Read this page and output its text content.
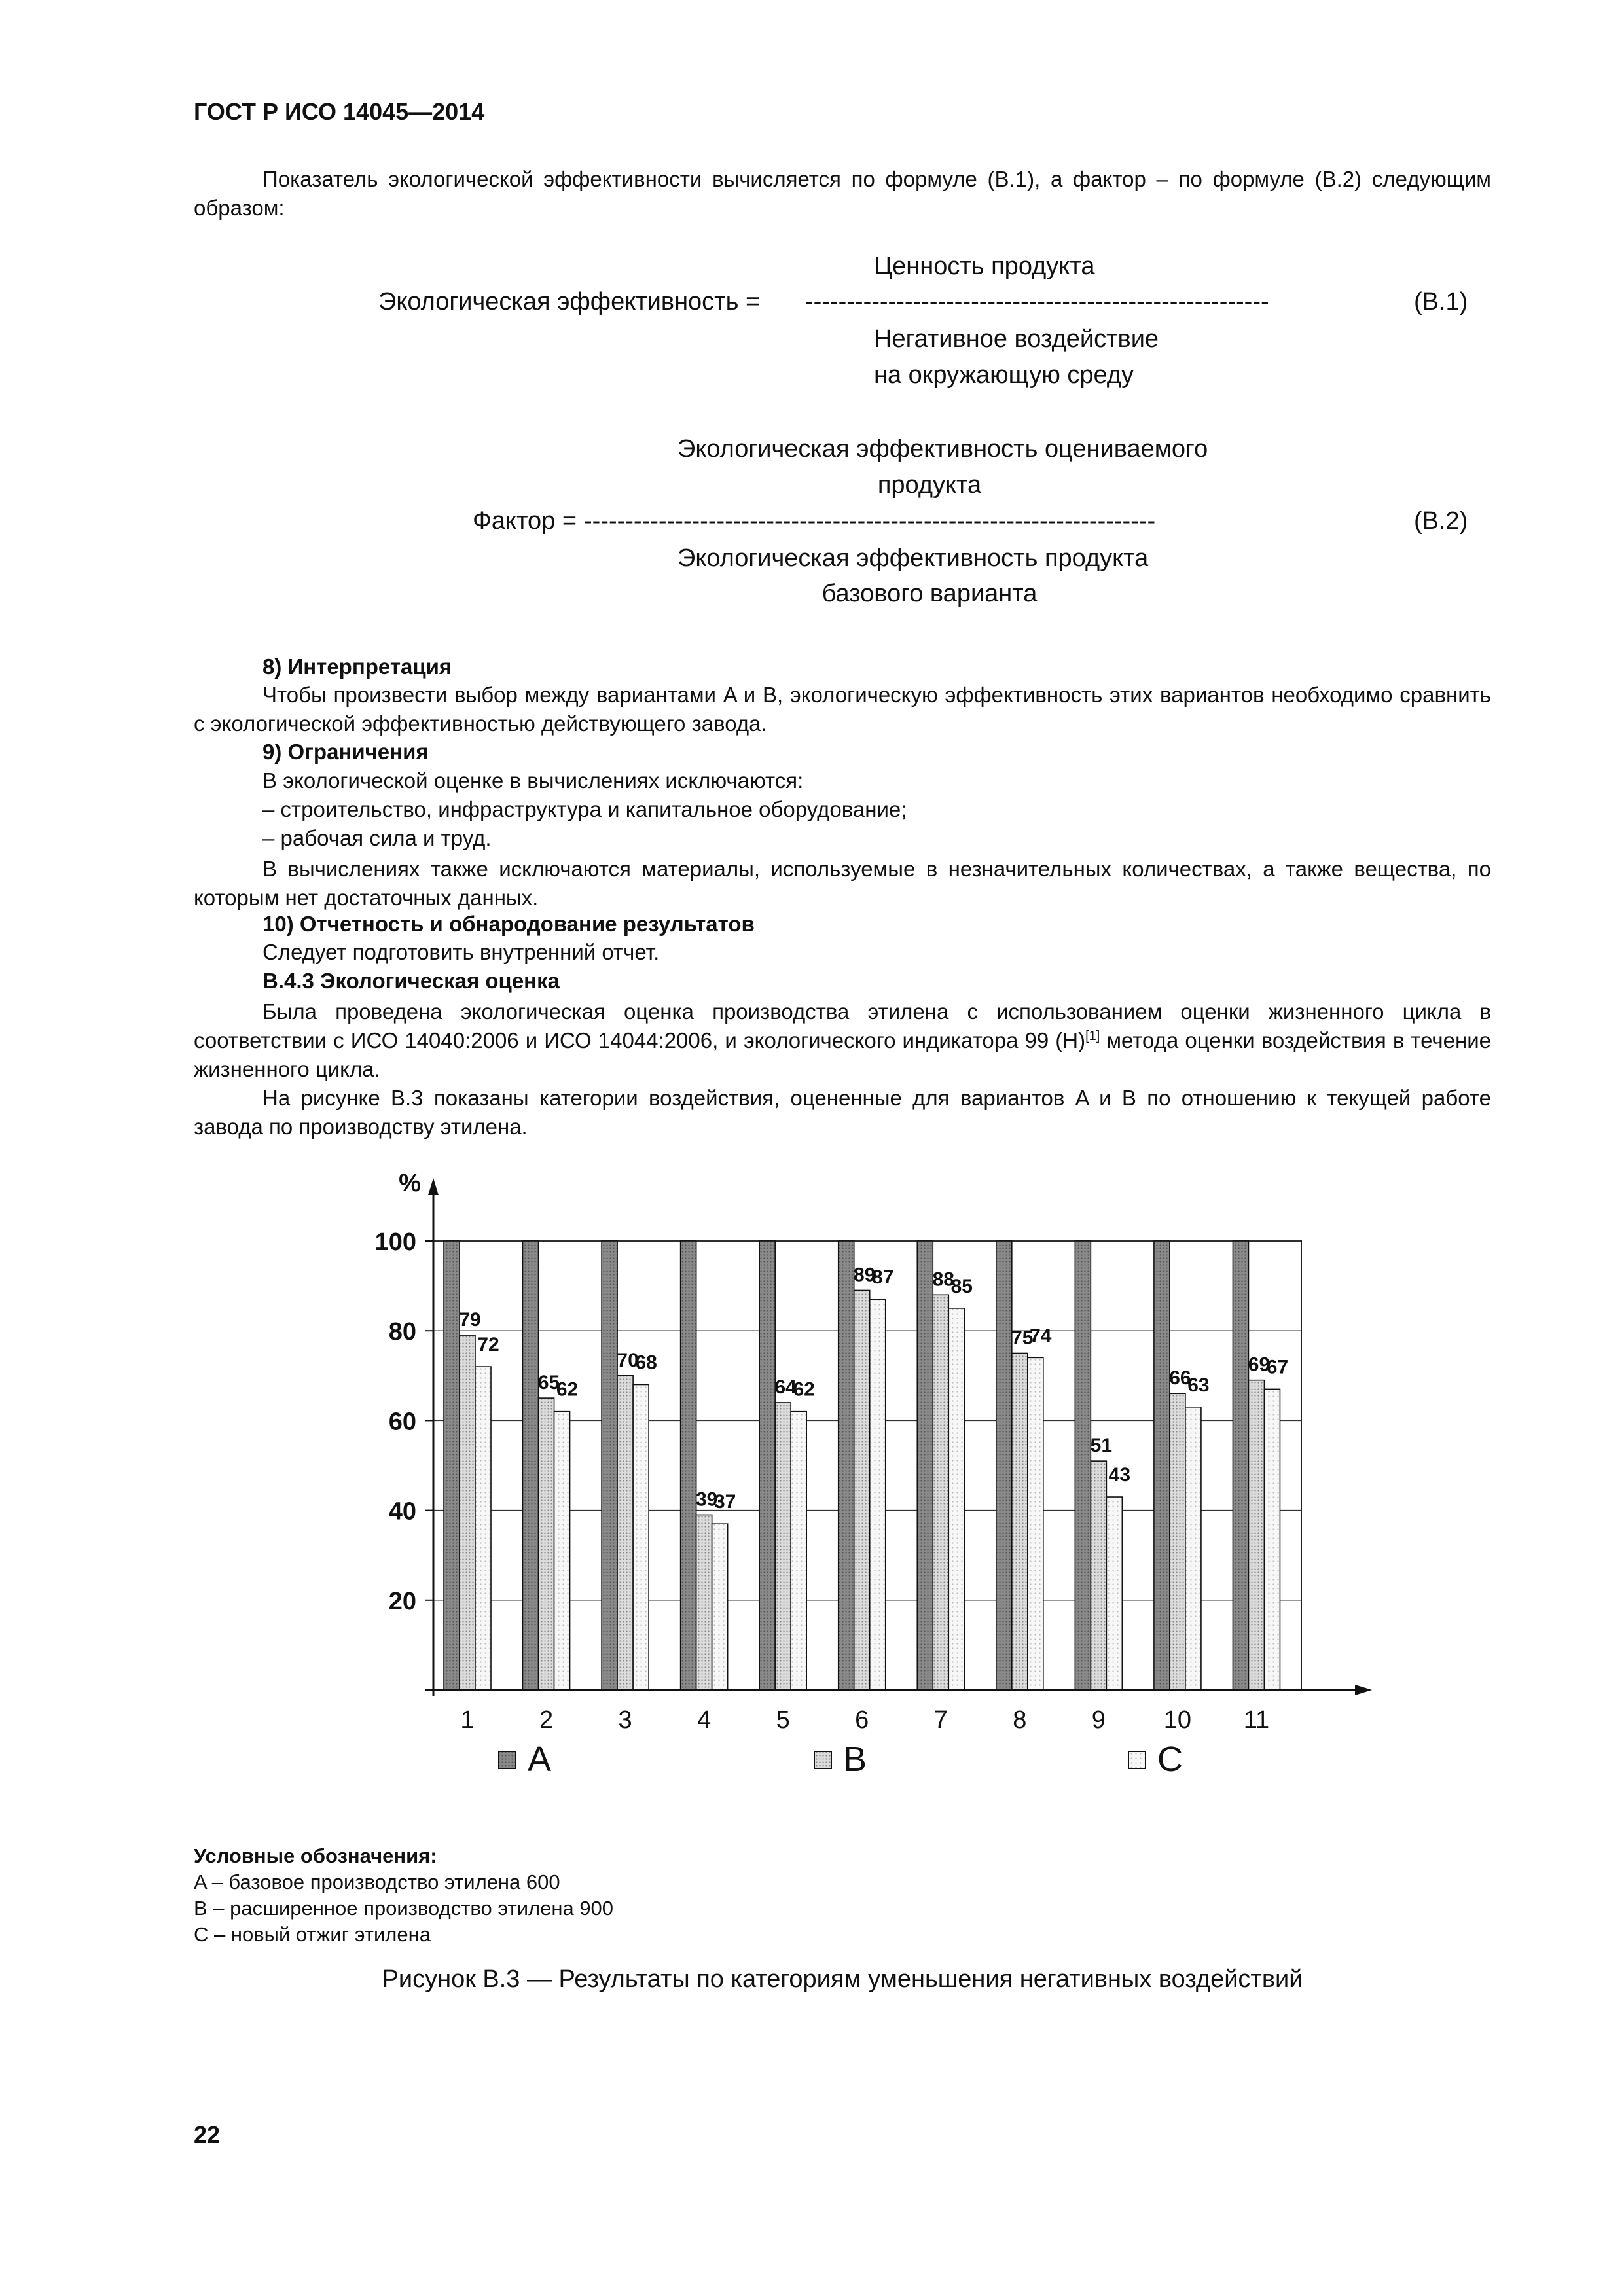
ГОСТ Р ИСО 14045—2014
Показатель экологической эффективности вычисляется по формуле (B.1), а фактор – по формуле (B.2) следующим образом:
Ценность продукта
Экологическая эффективность = --------------------------------------------------------	(B.1)
Негативное воздействие
на окружающую среду
Экологическая эффективность оцениваемого
продукта
Фактор = ---------------------------------------------------------------------	(B.2)
Экологическая эффективность продукта
базового варианта
8) Интерпретация
Чтобы произвести выбор между вариантами A и B, экологическую эффективность этих вариантов необходимо сравнить с экологической эффективностью действующего завода.
9) Ограничения
В экологической оценке в вычислениях исключаются:
– строительство, инфраструктура и капитальное оборудование;
– рабочая сила и труд.
В вычислениях также исключаются материалы, используемые в незначительных количествах, а также вещества, по которым нет достаточных данных.
10) Отчетность и обнародование результатов
Следует подготовить внутренний отчет.
B.4.3 Экологическая оценка
Была проведена экологическая оценка производства этилена с использованием оценки жизненного цикла в соответствии с ИСО 14040:2006 и ИСО 14044:2006, и экологического индикатора 99 (H)[1] метода оценки воздействия в течение жизненного цикла.
На рисунке B.3 показаны категории воздействия, оцененные для вариантов A и B по отношению к текущей работе завода по производству этилена.
79
72
65
62
70
68
39
37
64
62
89
87 88
85
75
74
51
43
66
63
69
67
1	2	3	4	5	6	7	8	9 10 11
%
20
40
60
80
100
A	B	C
Условные обозначения:
A – базовое производство этилена 600
B – расширенное производство этилена 900
C – новый отжиг этилена
Рисунок B.3 — Результаты по категориям уменьшения негативных воздействий
22
